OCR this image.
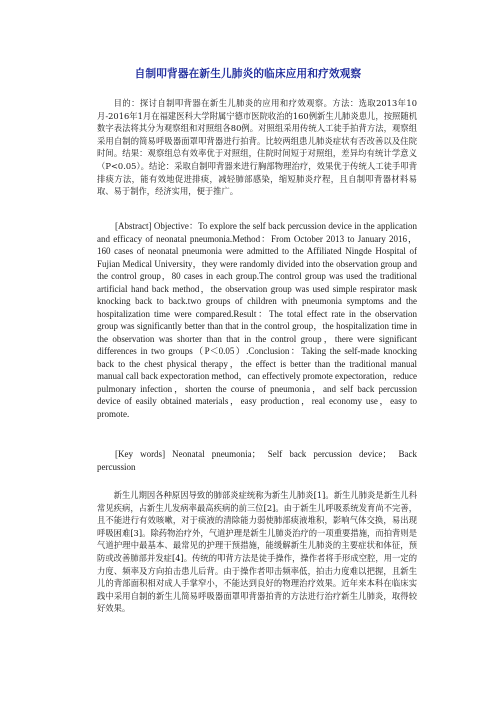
自制叩背器在新生儿肺炎的临床应用和疗效观察

目的：探讨自制叩背器在新生儿肺炎的应用和疗效观察。方法：选取2013年10月-2016年1月在福建医科大学附属宁德市医院收治的160例新生儿肺炎患儿，按照随机数字表法将其分为观察组和对照组各80例。对照组采用传统人工徒手拍背方法，观察组采用自制的简易呼吸器面罩叩背器进行拍背。比较两组患儿肺炎症状有否改善以及住院时间。结果：观察组总有效率优于对照组，住院时间短于对照组，差异均有统计学意义（P<0.05）。结论：采取自制叩背器来进行胸部物理治疗，效果优于传统人工徒手叩背排痰方法，能有效地促进排痰，减轻肺部感染，缩短肺炎疗程，且自制叩背器材料易取、易于制作，经济实用，便于推广。

[Abstract] Objective：To explore the self back percussion device in the application and efficacy of neonatal pneumonia.Method：From October 2013 to January 2016，160 cases of neonatal pneumonia were admitted to the Affiliated Ningde Hospital of Fujian Medical University，they were randomly divided into the observation group and the control group，80 cases in each group.The control group was used the traditional artificial hand back method，the observation group was used simple respirator mask knocking back to back.two groups of children with pneumonia symptoms and the hospitalization time were compared.Result：The total effect rate in the observation group was significantly better than that in the control group，the hospitalization time in the observation was shorter than that in the control group，there were significant differences in two groups（P＜0.05）.Conclusion：Taking the self-made knocking back to the chest physical therapy，the effect is better than the traditional manual manual call back expectoration method，can effectively promote expectoration，reduce pulmonary infection，shorten the course of pneumonia，and self back percussion device of easily obtained materials，easy production，real economy use，easy to promote.

[Key words] Neonatal pneumonia； Self back percussion device； Back percussion

新生儿期因各种原因导致的肺部炎症统称为新生儿肺炎[1]。新生儿肺炎是新生儿科常见疾病，占新生儿发病率最高疾病的前三位[2]。由于新生儿呼吸系统发育尚不完善，且不能进行有效咳嗽，对于痰液的清除能力弱使肺部痰液堆积，影响气体交换，易出现呼吸困难[3]。除药物治疗外，气道护理是新生儿肺炎治疗的一项重要措施，而拍背则是气道护理中最基本、最常见的护理干预措施，能缓解新生儿肺炎的主要症状和体征，预防或改善肺部并发症[4]。传统的叩背方法是徒手操作，操作者将手形成空腔，用一定的力度、频率及方向拍击患儿后背。由于操作者叩击频率低，拍击力度难以把握，且新生儿的背部面积相对成人手掌窄小，不能达到良好的物理治疗效果。近年来本科在临床实践中采用自制的新生儿简易呼吸器面罩叩背器拍背的方法进行治疗新生儿肺炎，取得较好效果。
